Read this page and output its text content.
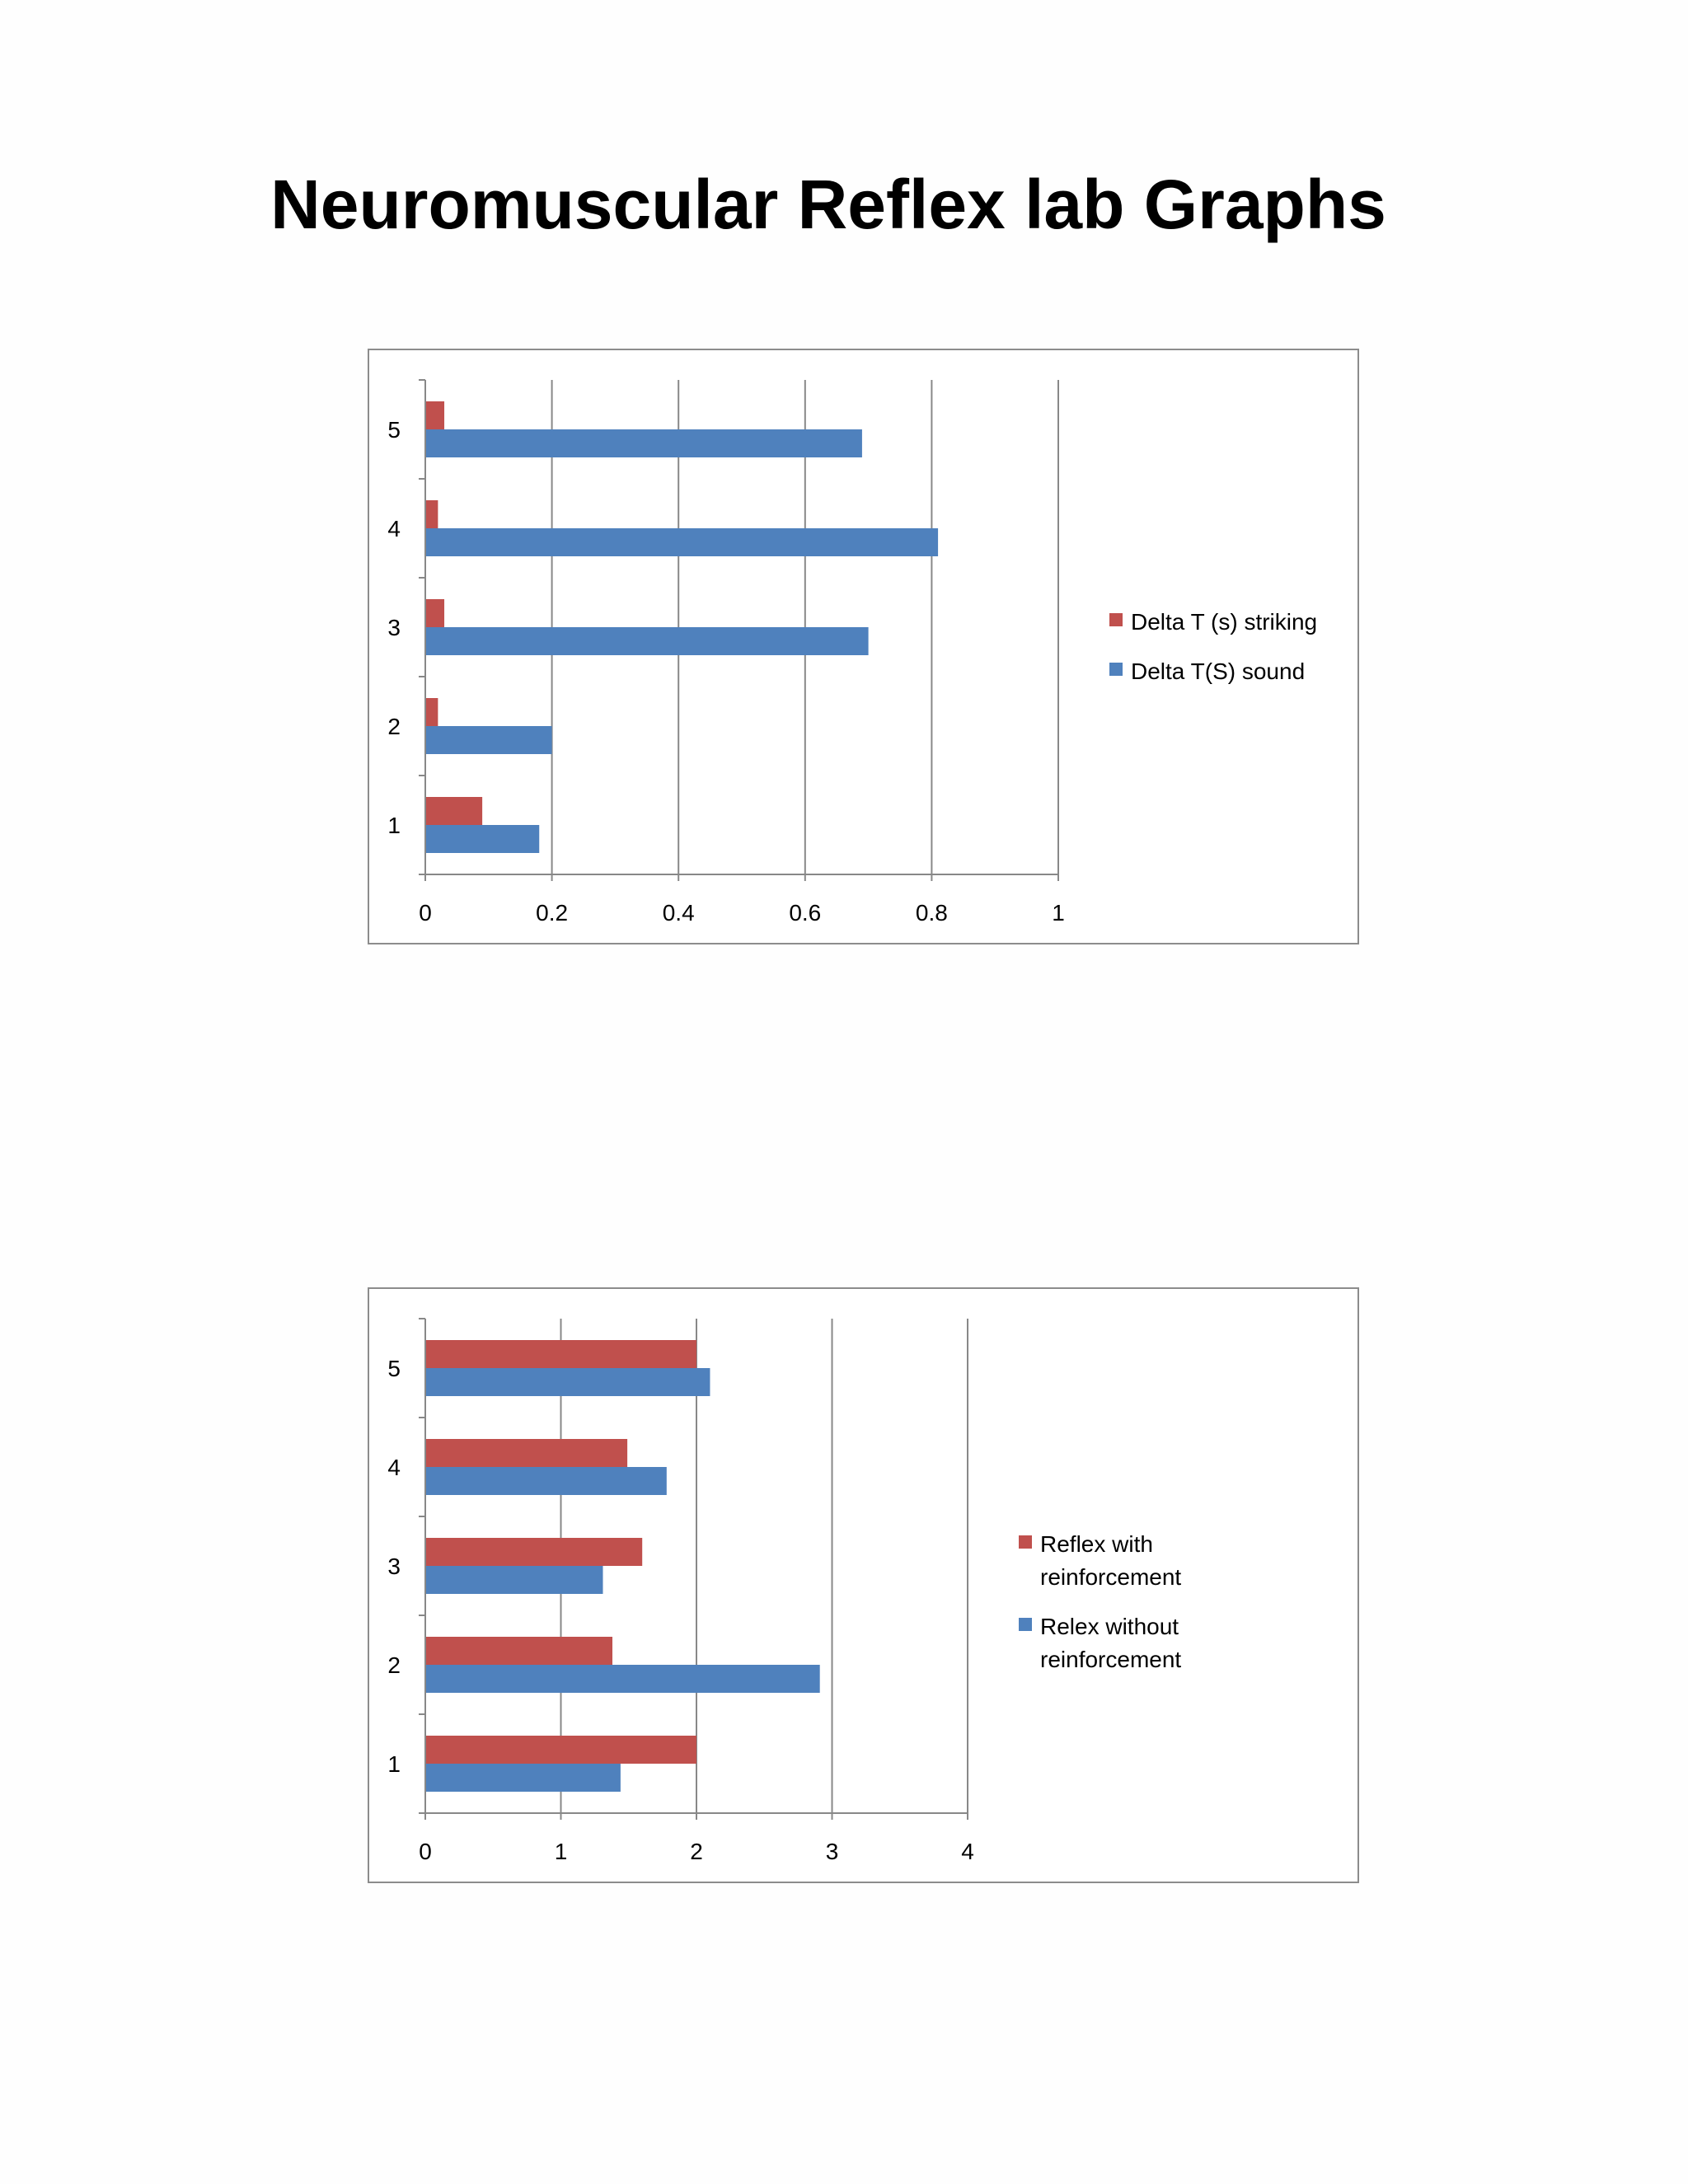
Neuromuscular Reflex lab Graphs
0	0.2	0.4	0.6	0.8	1
1
2
3
4
5
Delta T (s) striking
Delta T(S) sound
0	1	2	3	4
1
2
3
4
5
Reflex with reinforcement
Relex without reinforcement
